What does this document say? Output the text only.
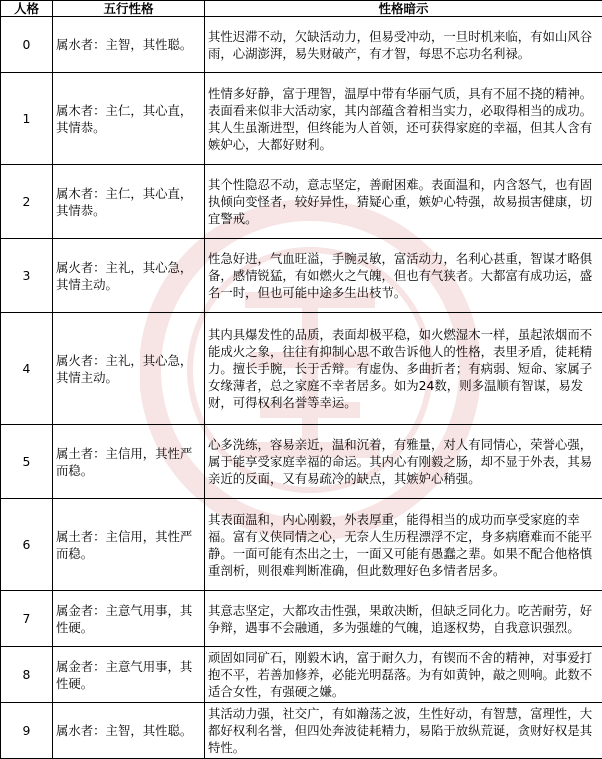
人格	五行性格	性格暗示
0	属水者：主智，其性聪。	其性迟滞不动，欠缺活动力，但易受冲动，一旦时机来临，有如山风谷雨，心湖澎湃，易失财破产，有才智，每思不忘功名利禄。
1	属木者：主仁，其心直，其情恭。	性情多好静，富于理智，温厚中带有华丽气质，具有不屈不挠的精神。表面看来似非大活动家，其内部蕴含着相当实力，必取得相当的成功。其人生虽渐进型，但终能为人首领，还可获得家庭的幸福，但其人含有嫉妒心，大都好财利。
2	属木者：主仁，其心直，其情恭。	其个性隐忍不动，意志坚定，善耐困难。表面温和，内含怒气，也有固执倾向变怪者，较好异性，猜疑心重，嫉妒心特强，故易损害健康，切宜警戒。
3	属火者：主礼，其心急，其情主动。	性急好进，气血旺溢，手腕灵敏，富活动力，名利心甚重，智谋才略俱备，感情锐猛，有如燃火之气魄，但也有气狭者。大都富有成功运，盛名一时，但也可能中途多生出枝节。
4	属火者：主礼，其心急，其情主动。	其内具爆发性的品质，表面却极平稳，如火燃湿木一样，虽起浓烟而不能成火之象，往往有抑制心思不敢告诉他人的性格，表里矛盾，徒耗精力。擅长手腕，长于舌辩。有虚伪、多曲折者；有病弱、短命、家属子女缘薄者，总之家庭不幸者居多。如为24数，则多温顺有智谋，易发财，可得权利名誉等幸运。
5	属土者：主信用，其性严而稳。	心多洗练，容易亲近，温和沉着，有雅量，对人有同情心，荣誉心强，属于能享受家庭幸福的命运。其内心有刚毅之肠，却不显于外表，其易亲近的反面，又有易疏冷的缺点，其嫉妒心稍强。
6	属土者：主信用，其性严而稳。	其表面温和，内心刚毅，外表厚重，能得相当的成功而享受家庭的幸福。富有义侠同情之心，无奈人生历程漂浮不定，身多病磨难而不能平静。一面可能有杰出之士，一面又可能有愚蠢之辈。如果不配合他格慎重剖析，则很难判断准确，但此数理好色多情者居多。
7	属金者：主意气用事，其性硬。	其意志坚定，大都攻击性强，果敢决断，但缺乏同化力。吃苦耐劳，好争辩，遇事不会融通，多为强雄的气魄，追逐权势，自我意识强烈。
8	属金者：主意气用事，其性硬。	顽固如同矿石，刚毅木讷，富于耐久力，有锲而不舍的精神，对事爱打抱不平，若善加修养，必能光明磊落。为有如黄钟，敲之则响。此数不适合女性，有强硬之嫌。
9	属水者：主智，其性聪。	其活动力强，社交广，有如瀚荡之波，生性好动，有智慧，富理性，大都好权利名誉，但四处奔波徒耗精力，易陷于放纵荒诞，贪财好权是其特性。
